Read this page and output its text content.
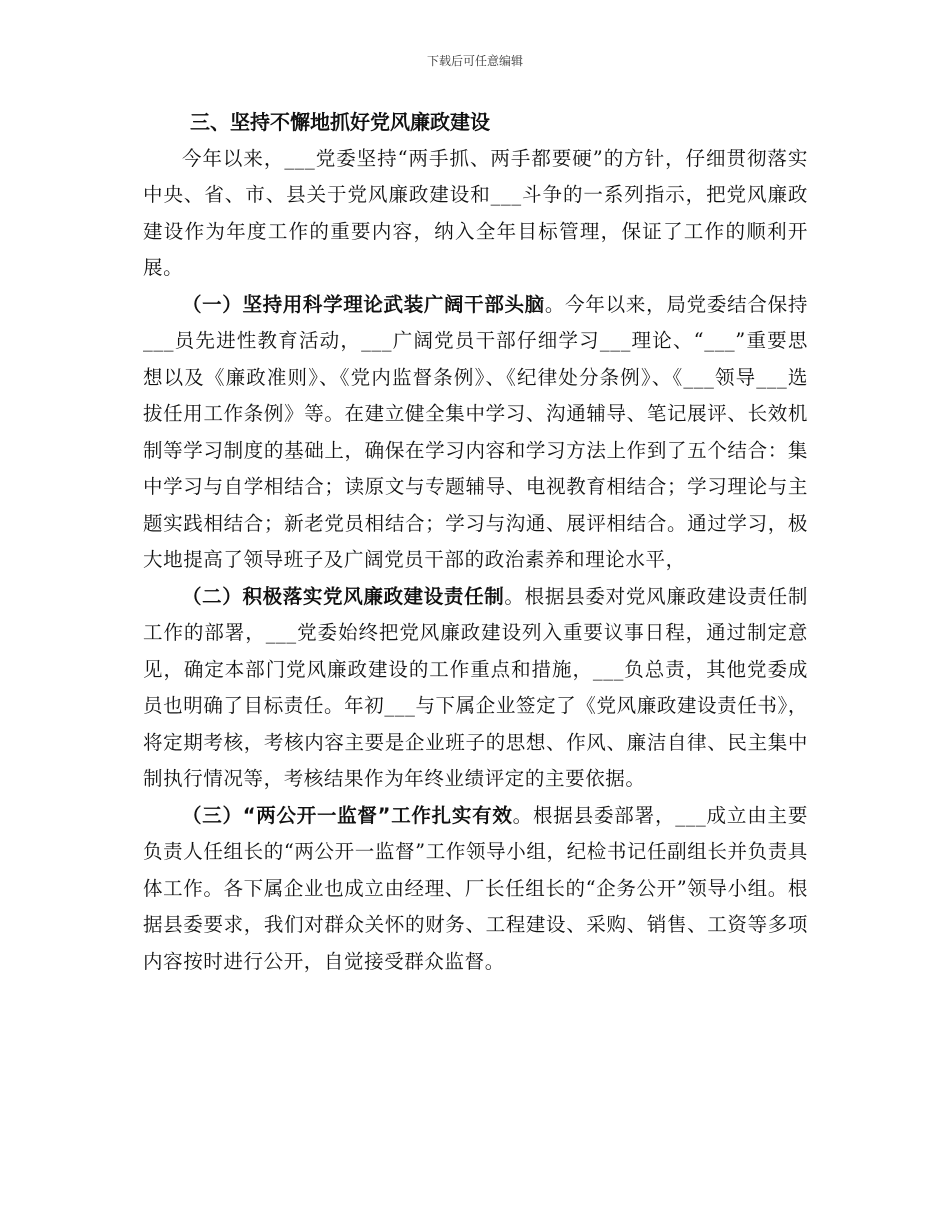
下载后可任意编辑
三、坚持不懈地抓好党风廉政建设

今年以来，___党委坚持“两手抓、两手都要硬”的方针，仔细贯彻落实中央、省、市、县关于党风廉政建设和___斗争的一系列指示，把党风廉政建设作为年度工作的重要内容，纳入全年目标管理，保证了工作的顺利开展。

（一）坚持用科学理论武装广阔干部头脑。今年以来，局党委结合保持___员先进性教育活动，___广阔党员干部仔细学习___理论、“___”重要思想以及《廉政准则》、《党内监督条例》、《纪律处分条例》、《___领导___选拔任用工作条例》等。在建立健全集中学习、沟通辅导、笔记展评、长效机制等学习制度的基础上，确保在学习内容和学习方法上作到了五个结合：集中学习与自学相结合；读原文与专题辅导、电视教育相结合；学习理论与主题实践相结合；新老党员相结合；学习与沟通、展评相结合。通过学习，极大地提高了领导班子及广阔党员干部的政治素养和理论水平，

（二）积极落实党风廉政建设责任制。根据县委对党风廉政建设责任制工作的部署，___党委始终把党风廉政建设列入重要议事日程，通过制定意见，确定本部门党风廉政建设的工作重点和措施，___负总责，其他党委成员也明确了目标责任。年初___与下属企业签定了《党风廉政建设责任书》，将定期考核，考核内容主要是企业班子的思想、作风、廉洁自律、民主集中制执行情况等，考核结果作为年终业绩评定的主要依据。

（三）“两公开一监督”工作扎实有效。根据县委部署，___成立由主要负责人任组长的“两公开一监督”工作领导小组，纪检书记任副组长并负责具体工作。各下属企业也成立由经理、厂长任组长的“企务公开”领导小组。根据县委要求，我们对群众关怀的财务、工程建设、采购、销售、工资等多项内容按时进行公开，自觉接受群众监督。
